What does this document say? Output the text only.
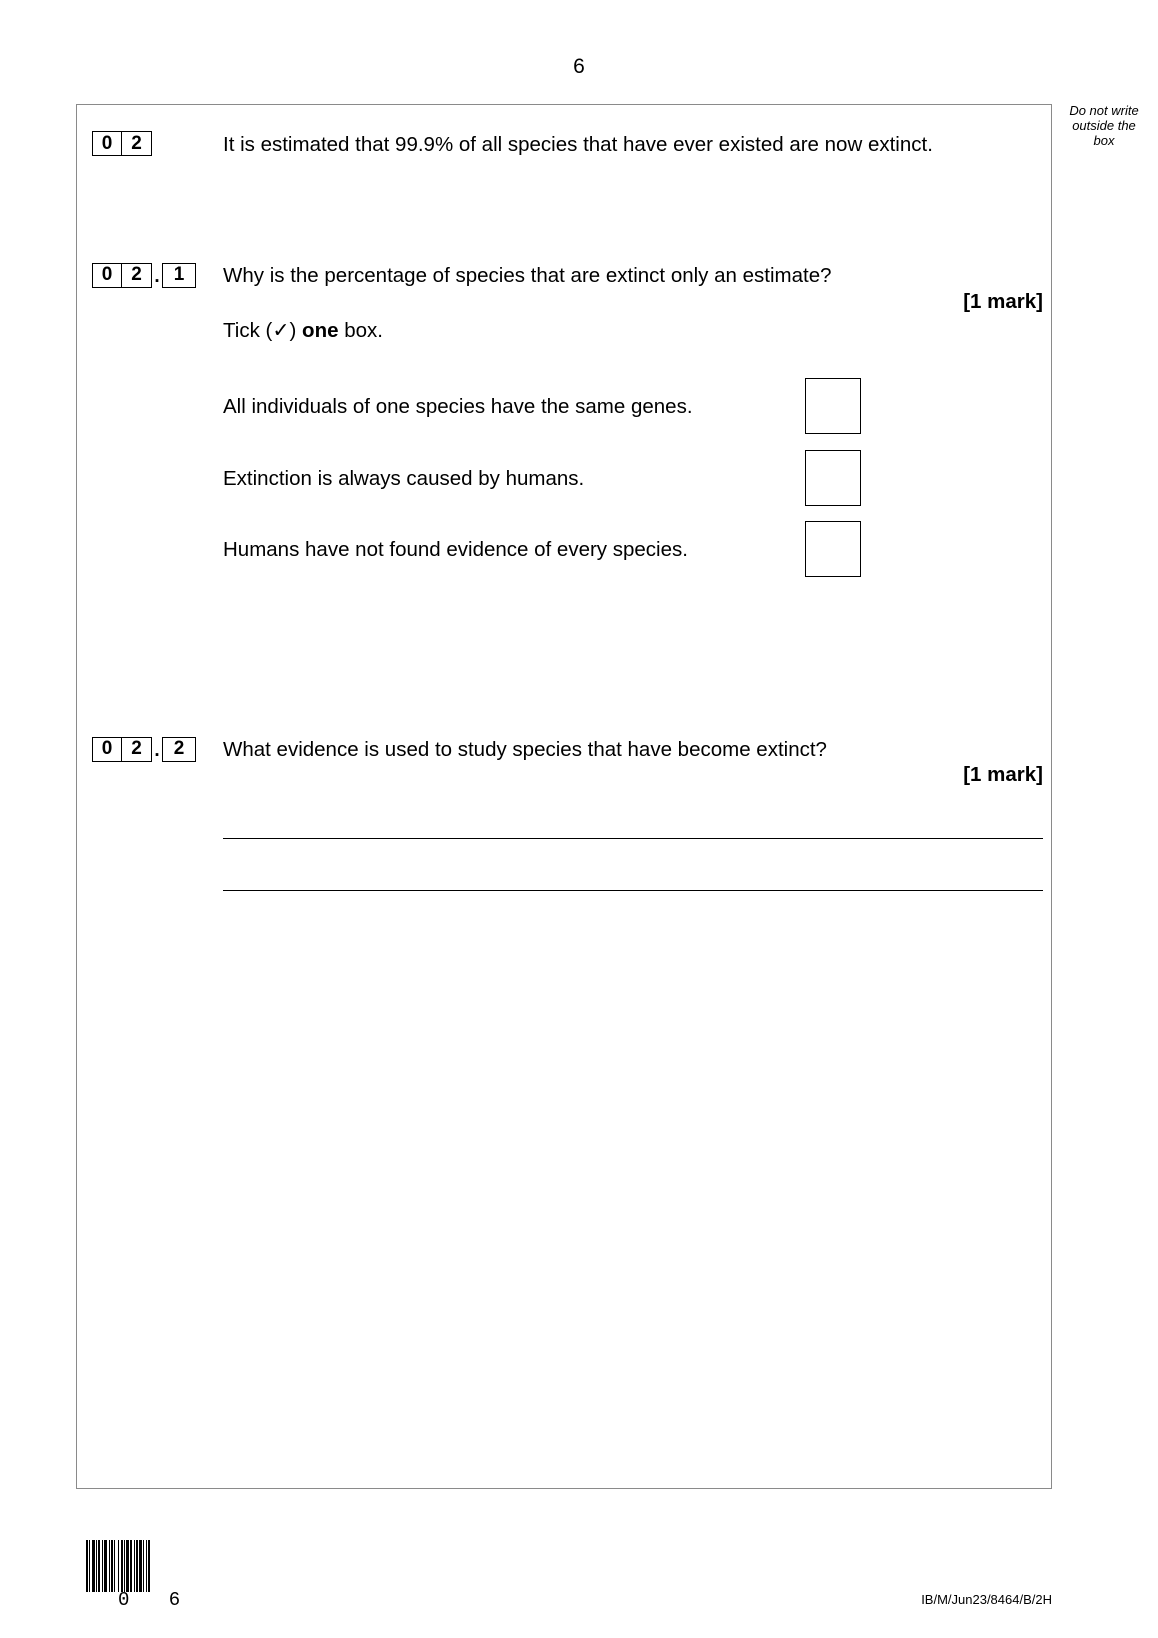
6
Do not write outside the box
0 2	It is estimated that 99.9% of all species that have ever existed are now extinct.
0 2 . 1	Why is the percentage of species that are extinct only an estimate?
[1 mark]
Tick (✓) one box.
All individuals of one species have the same genes.
Extinction is always caused by humans.
Humans have not found evidence of every species.
0 2 . 2	What evidence is used to study species that have become extinct?
[1 mark]
0 6	IB/M/Jun23/8464/B/2H
